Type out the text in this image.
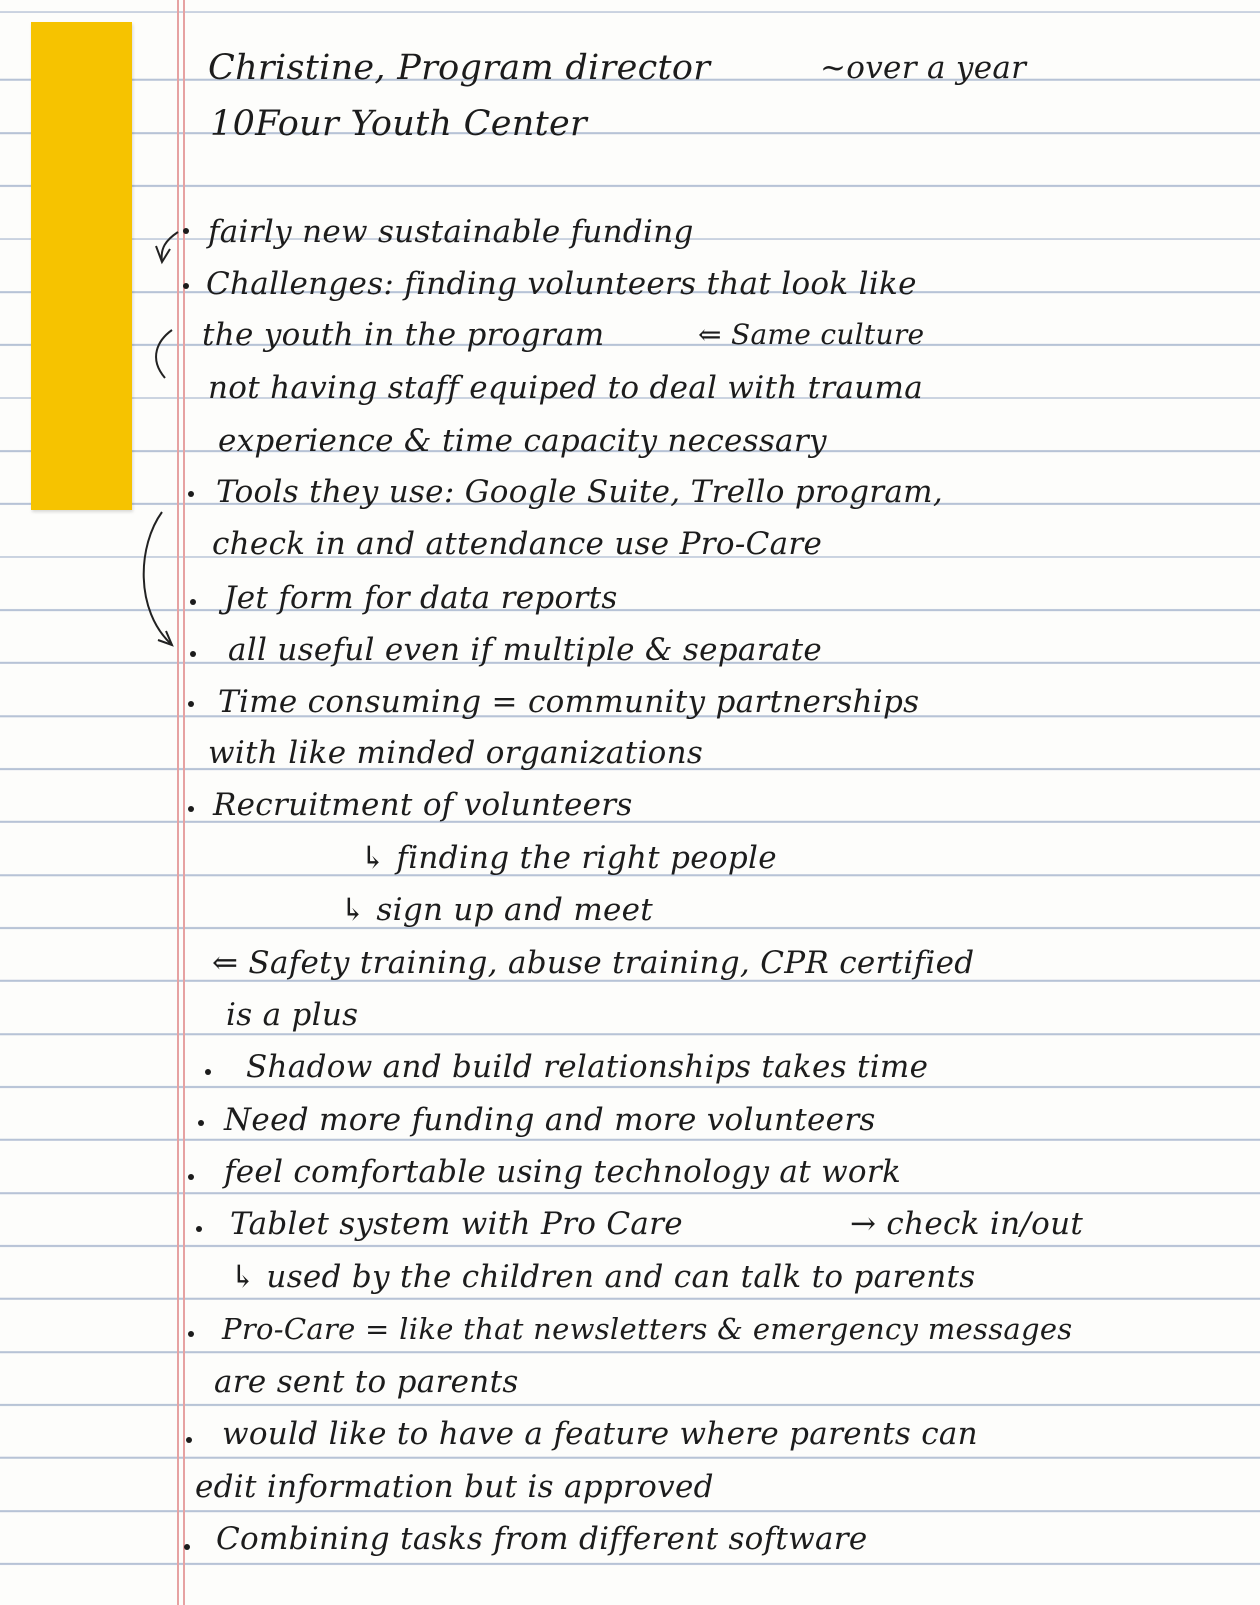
Christine, Program director	~over a year
10Four Youth Center
fairly new sustainable funding
Challenges: finding volunteers that look like
the youth in the program	⇐ Same culture
not having staff equiped to deal with trauma
experience & time capacity necessary
Tools they use: Google Suite, Trello program,
check in and attendance use Pro-Care
Jet form for data reports
all useful even if multiple & separate
Time consuming = community partnerships
with like minded organizations
Recruitment of volunteers
↳ finding the right people
↳ sign up and meet
⇐ Safety training, abuse training, CPR certified
is a plus
Shadow and build relationships takes time
Need more funding and more volunteers
feel comfortable using technology at work
Tablet system with Pro Care	→ check in/out
↳ used by the children and can talk to parents
Pro-Care = like that newsletters & emergency messages
are sent to parents
would like to have a feature where parents can
edit information but is approved
Combining tasks from different software
